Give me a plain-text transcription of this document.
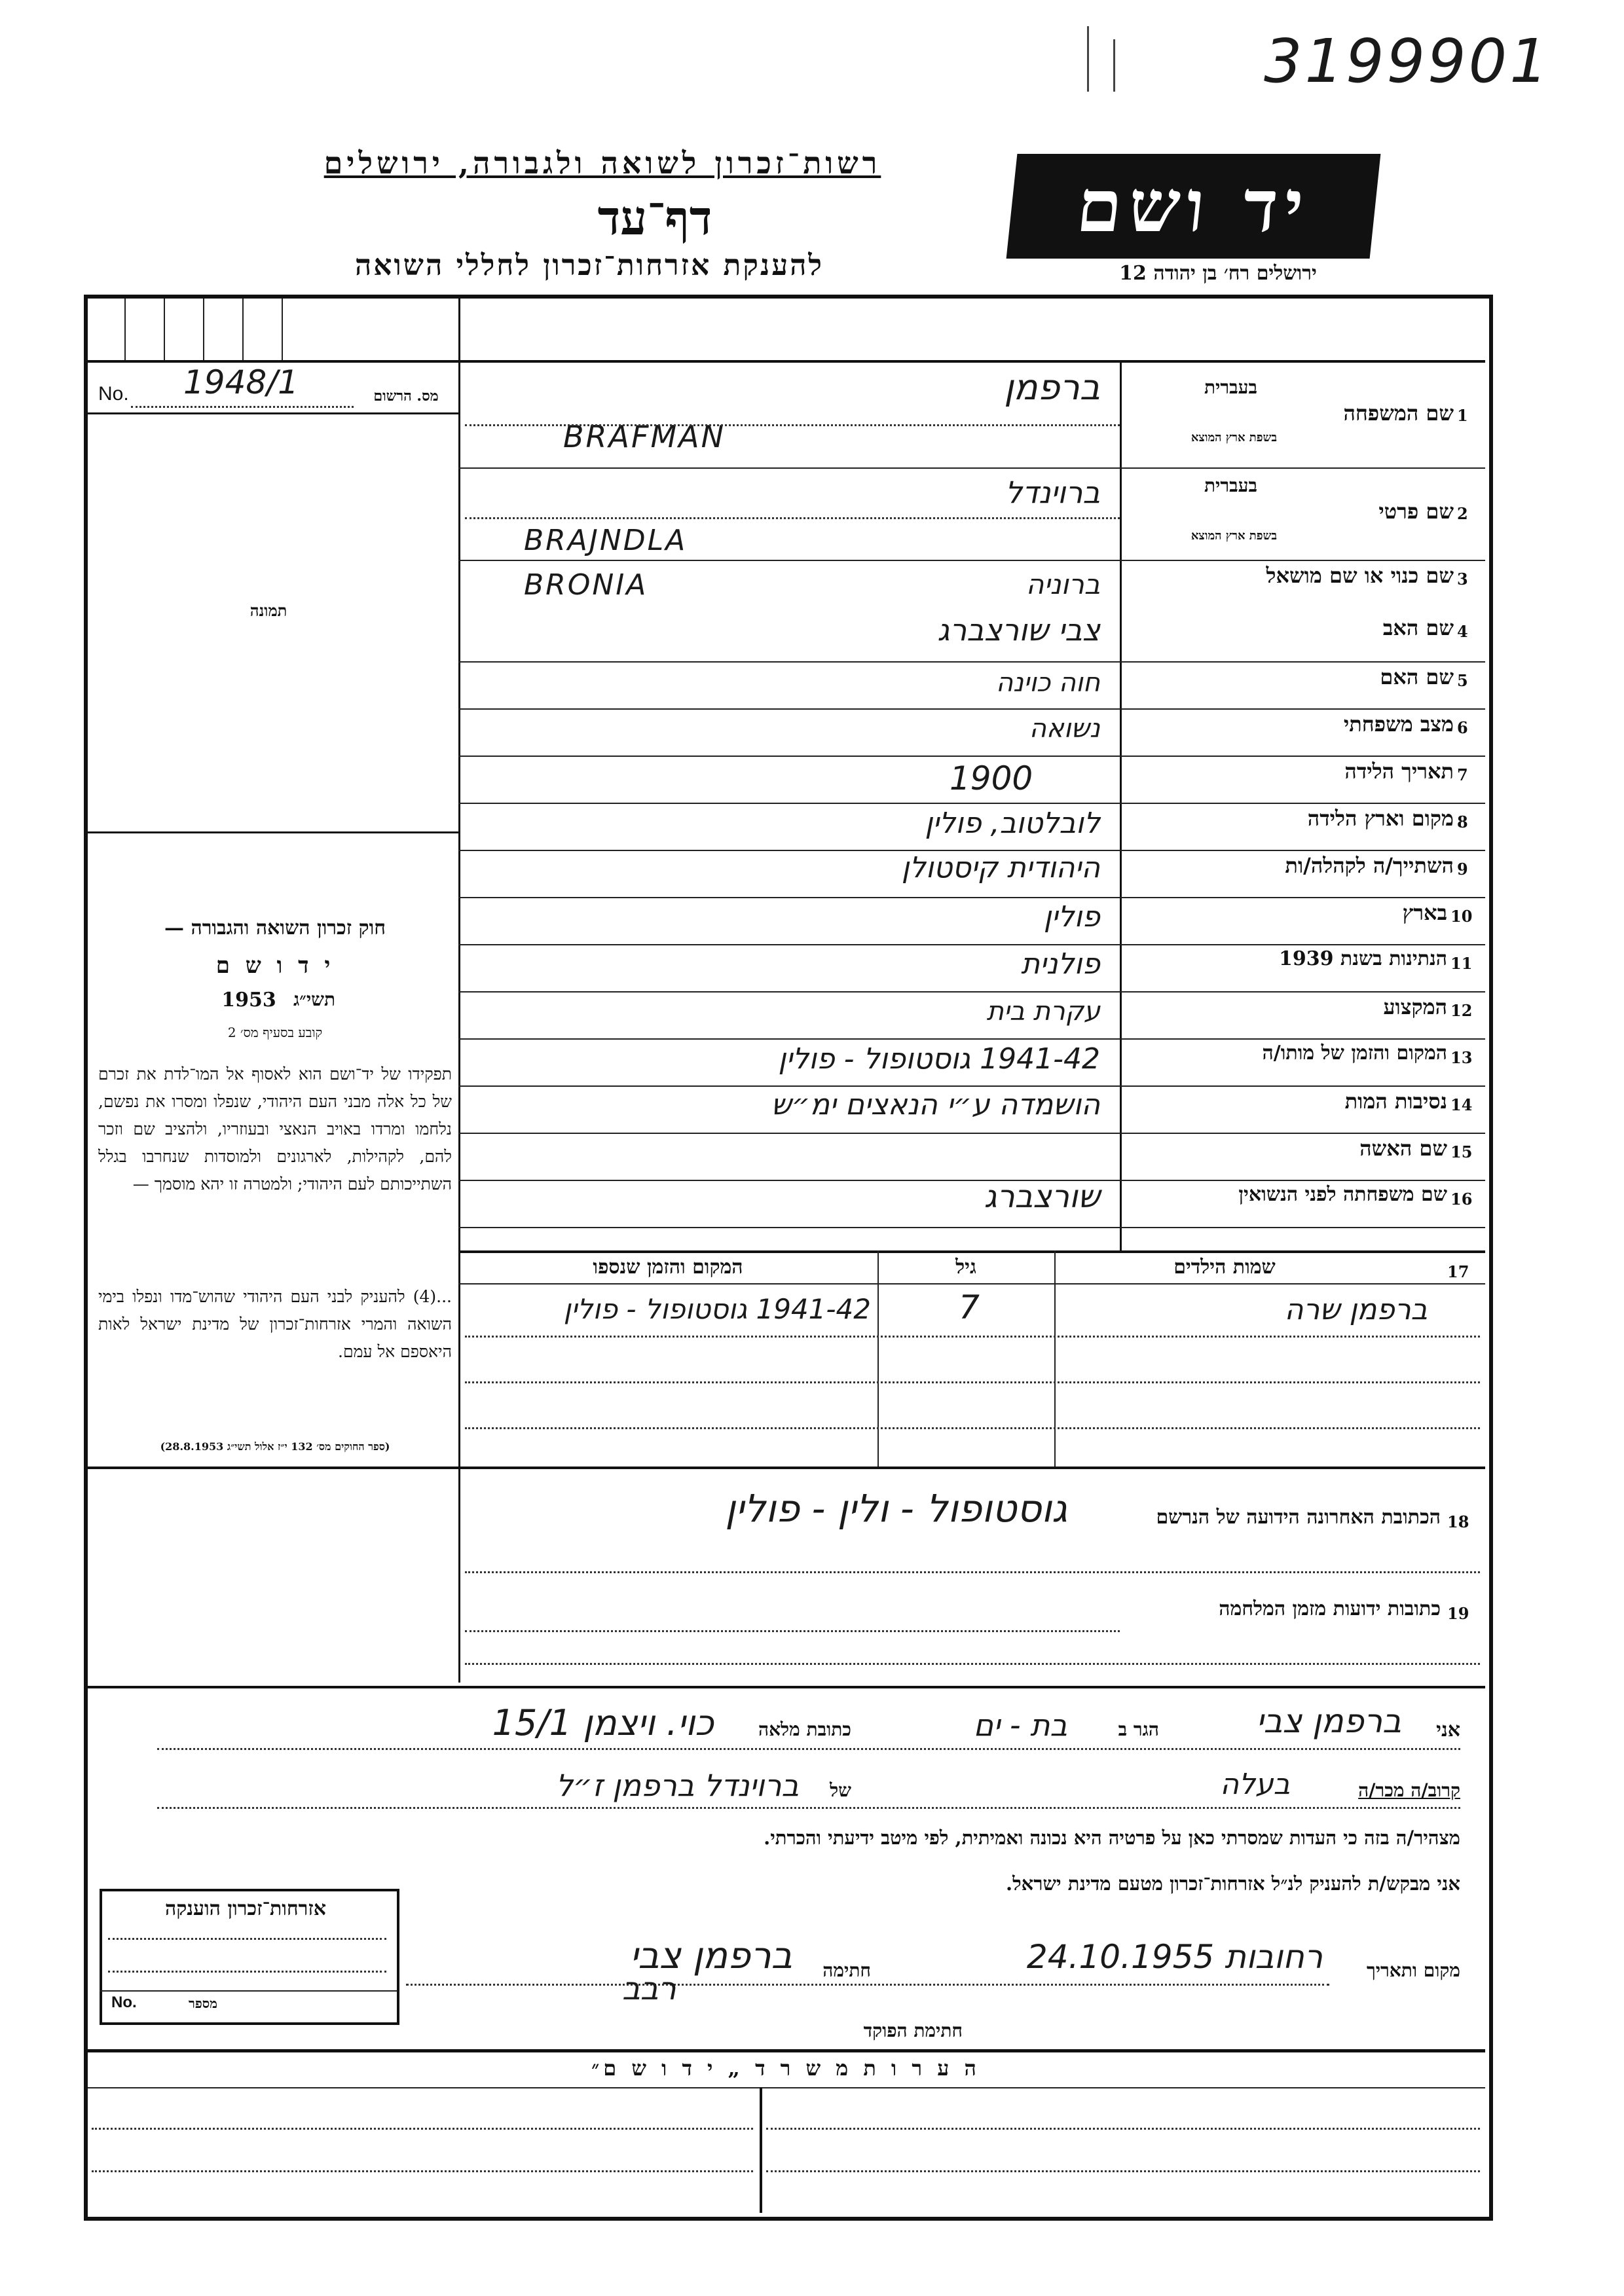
3199901
רשות־זכרון לשואה ולגבורה, ירושלים
דף־עד
להענקת אזרחות־זכרון לחללי השואה
יד ושם
ירושלים רח׳ בן יהודה 12
No. 1948/1	מס. הרשום
תמונה
חוק זכרון השואה והגבורה —
י ד ו ש ם
1953 תשי״ג
קובע בסעיף מס׳ 2
תפקידו של יד־ושם הוא לאסוף אל המו־לדת את זכרם של כל אלה מבני העם היהודי, שנפלו ומסרו את נפשם, נלחמו ומרדו באויב הנאצי ובעוזריו, ולהציב שם וזכר להם, לקהילות, לארגונים ולמוסדות שנחרבו בגלל השתייכותם לעם היהודי; ולמטרה זו יהא מוסמך —
...(4) להעניק לבני העם היהודי שהוש־מדו ונפלו בימי השואה והמרי אזרחות־זכרון של מדינת ישראל לאות היאספם אל עמם.
(ספר החוקים מס׳ 132 י״ז אלול תשי״ג 28.8.1953)
1
שם המשפחה
בעברית
בשפת ארץ המוצא
ברפמן
BRAFMAN
2
שם פרטי
בעברית
בשפת ארץ המוצא
ברוינדל
BRAJNDLA
3
שם כנוי או שם מושאל
ברוניה
BRONIA
4
שם האב
צבי שורצברג
5
שם האם
חוה כוינה
6
מצב משפחתי
נשואה
7
תאריך הלידה
1900
8
מקום וארץ הלידה
לובלטוב, פולין
9
השתייך/ה לקהלה/ות
היהודית קיסטולן
10
בארץ
פולין
11
הנתינות בשנת 1939
פולנית
12
המקצוע
עקרת בית
13
המקום והזמן של מותו/ה
1941-42 גוסטופול - פולין
14
נסיבות המות
הושמדה ע״י הנאצים ימ״ש
15
שם האשה
16
שם משפחתה לפני הנשואין
שורצברג
17
שמות הילדים
גיל
המקום והזמן שנספו
ברפמן שרה
7
1941-42 גוסטופול - פולין
18
הכתובת האחרונה הידועה של הנרשם
גוסטופול - ולין - פולין
19
כתובות ידועות מזמן המלחמה
אני
ברפמן צבי
הגר ב
בת - ים
כתובת מלאה
כוי. ויצמן 15/1
קרוב/ה מכר/ה
בעלה
של
ברוינדל ברפמן ז״ל
מצהיר/ה בזה כי העדות שמסרתי כאן על פרטיה היא נכונה ואמיתית, לפי מיטב ידיעתי והכרתי.
אני מבקש/ת להעניק לנ״ל אזרחות־זכרון מטעם מדינת ישראל.
אזרחות־זכרון הוענקה
No.	מספר
מקום ותאריך
רחובות 24.10.1955
חתימה
ברפמן צבי
רבב
חתימת הפוקד
ה ע ר ו ת מ ש ר ד „ י ד ו ש ם״
